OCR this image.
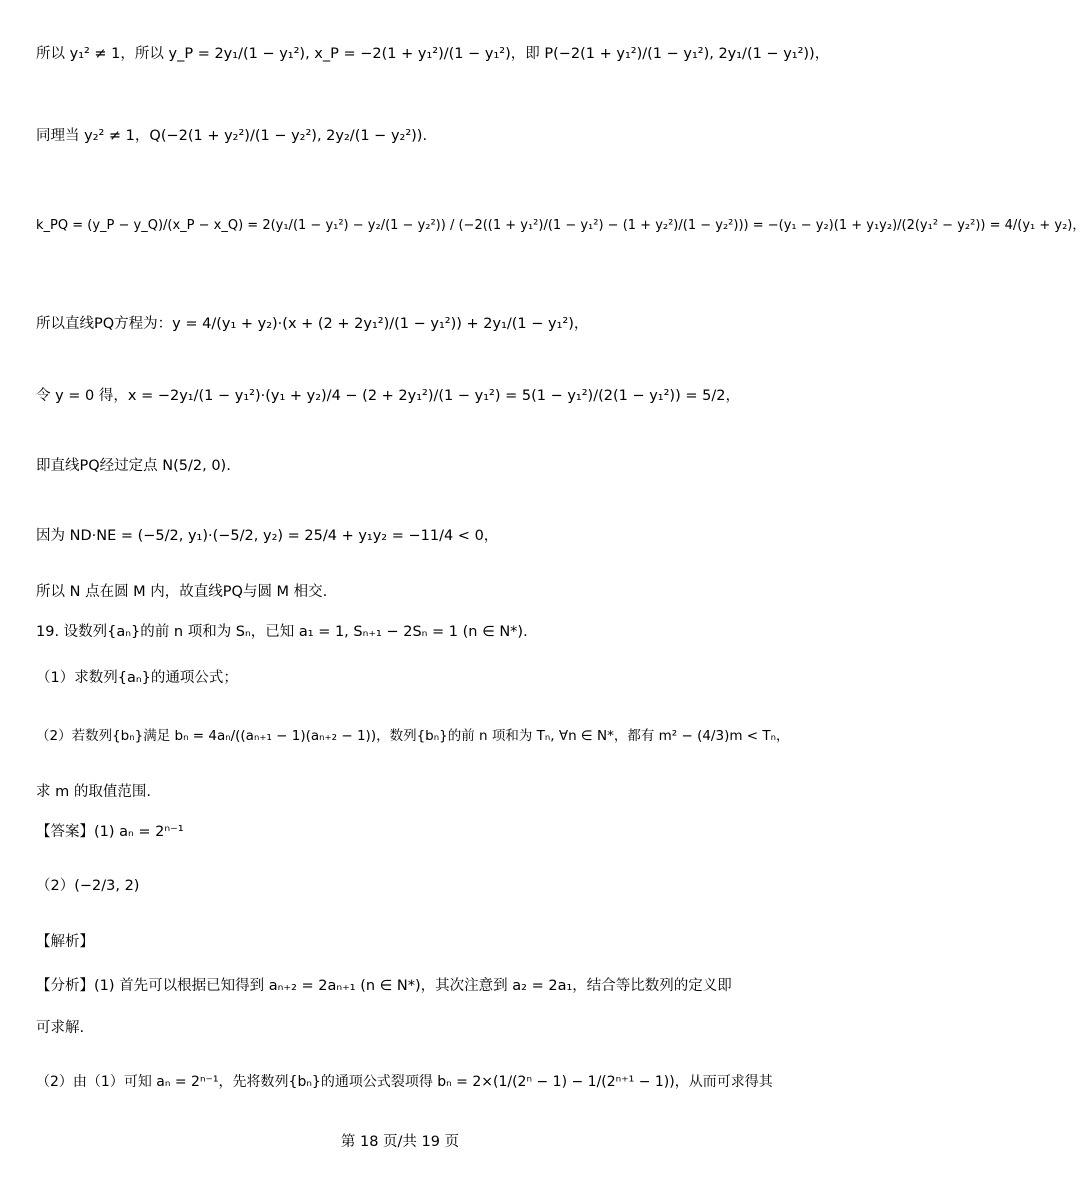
所以 y₁² ≠ 1，所以 y_P = 2y₁/(1 − y₁²), x_P = −2(1 + y₁²)/(1 − y₁²)，即 P(−2(1 + y₁²)/(1 − y₁²), 2y₁/(1 − y₁²))，
同理当 y₂² ≠ 1，Q(−2(1 + y₂²)/(1 − y₂²), 2y₂/(1 − y₂²)).
k_PQ = (y_P − y_Q)/(x_P − x_Q) = 2(y₁/(1 − y₁²) − y₂/(1 − y₂²)) / (−2((1 + y₁²)/(1 − y₁²) − (1 + y₂²)/(1 − y₂²))) = −(y₁ − y₂)(1 + y₁y₂)/(2(y₁² − y₂²)) = 4/(y₁ + y₂)，
所以直线PQ方程为：y = 4/(y₁ + y₂)·(x + (2 + 2y₁²)/(1 − y₁²)) + 2y₁/(1 − y₁²)，
令 y = 0 得，x = −2y₁/(1 − y₁²)·(y₁ + y₂)/4 − (2 + 2y₁²)/(1 − y₁²) = 5(1 − y₁²)/(2(1 − y₁²)) = 5/2，
即直线PQ经过定点 N(5/2, 0).
因为 ND·NE = (−5/2, y₁)·(−5/2, y₂) = 25/4 + y₁y₂ = −11/4 < 0，
所以 N 点在圆 M 内，故直线PQ与圆 M 相交.
19. 设数列{aₙ}的前 n 项和为 Sₙ，已知 a₁ = 1, Sₙ₊₁ − 2Sₙ = 1 (n ∈ N*).
（1）求数列{aₙ}的通项公式；
（2）若数列{bₙ}满足 bₙ = 4aₙ/((aₙ₊₁ − 1)(aₙ₊₂ − 1))，数列{bₙ}的前 n 项和为 Tₙ, ∀n ∈ N*，都有 m² − (4/3)m < Tₙ，
求 m 的取值范围.
【答案】(1) aₙ = 2ⁿ⁻¹
（2）(−2/3, 2)
【解析】
【分析】(1) 首先可以根据已知得到 aₙ₊₂ = 2aₙ₊₁ (n ∈ N*)，其次注意到 a₂ = 2a₁，结合等比数列的定义即
可求解.
（2）由（1）可知 aₙ = 2ⁿ⁻¹，先将数列{bₙ}的通项公式裂项得 bₙ = 2×(1/(2ⁿ − 1) − 1/(2ⁿ⁺¹ − 1))，从而可求得其
第 18 页/共 19 页
